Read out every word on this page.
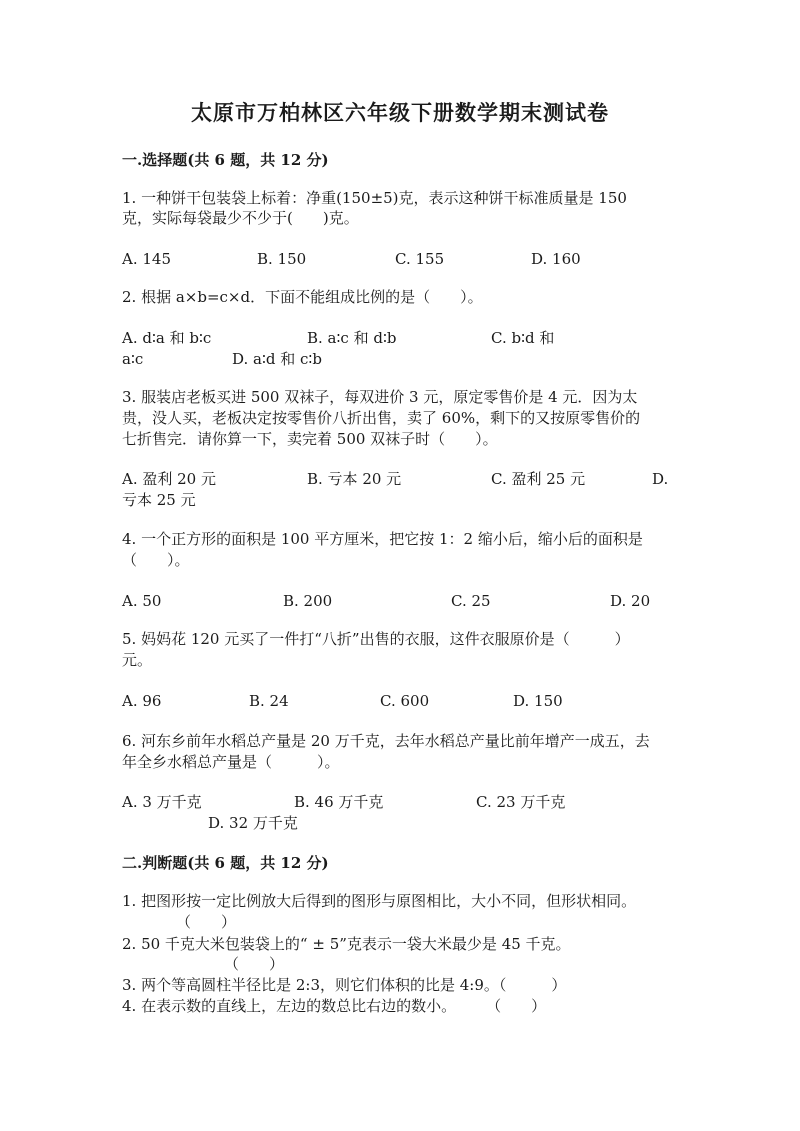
太原市万柏林区六年级下册数学期末测试卷
一.选择题(共 6 题，共 12 分)
1. 一种饼干包装袋上标着：净重(150±5)克，表示这种饼干标准质量是 150
克，实际每袋最少不少于(　　)克。
A. 145	B. 150	C. 155	D. 160
2. 根据 a×b=c×d．下面不能组成比例的是（　　）。
A. d∶a 和 b∶c	B. a∶c 和 d∶b	C. b∶d 和
a∶c	D. a∶d 和 c∶b
3. 服装店老板买进 500 双袜子，每双进价 3 元，原定零售价是 4 元．因为太
贵，没人买，老板决定按零售价八折出售，卖了 60%，剩下的又按原零售价的
七折售完．请你算一下，卖完着 500 双袜子时（　　）。
A. 盈利 20 元	B. 亏本 20 元	C. 盈利 25 元	D.
亏本 25 元
4. 一个正方形的面积是 100 平方厘米，把它按 1：2 缩小后，缩小后的面积是
（　　）。
A. 50	B. 200	C. 25	D. 20
5. 妈妈花 120 元买了一件打“八折”出售的衣服，这件衣服原价是（　　　）
元。
A. 96	B. 24	C. 600	D. 150
6. 河东乡前年水稻总产量是 20 万千克，去年水稻总产量比前年增产一成五，去
年全乡水稻总产量是（　　　）。
A. 3 万千克	B. 46 万千克	C. 23 万千克
D. 32 万千克
二.判断题(共 6 题，共 12 分)
1. 把图形按一定比例放大后得到的图形与原图相比，大小不同，但形状相同。
（　　）
2. 50 千克大米包装袋上的“ ± 5”克表示一袋大米最少是 45 千克。
（　　）
3. 两个等高圆柱半径比是 2:3，则它们体积的比是 4:9。（　　　）
4. 在表示数的直线上，左边的数总比右边的数小。　　　（　　）
